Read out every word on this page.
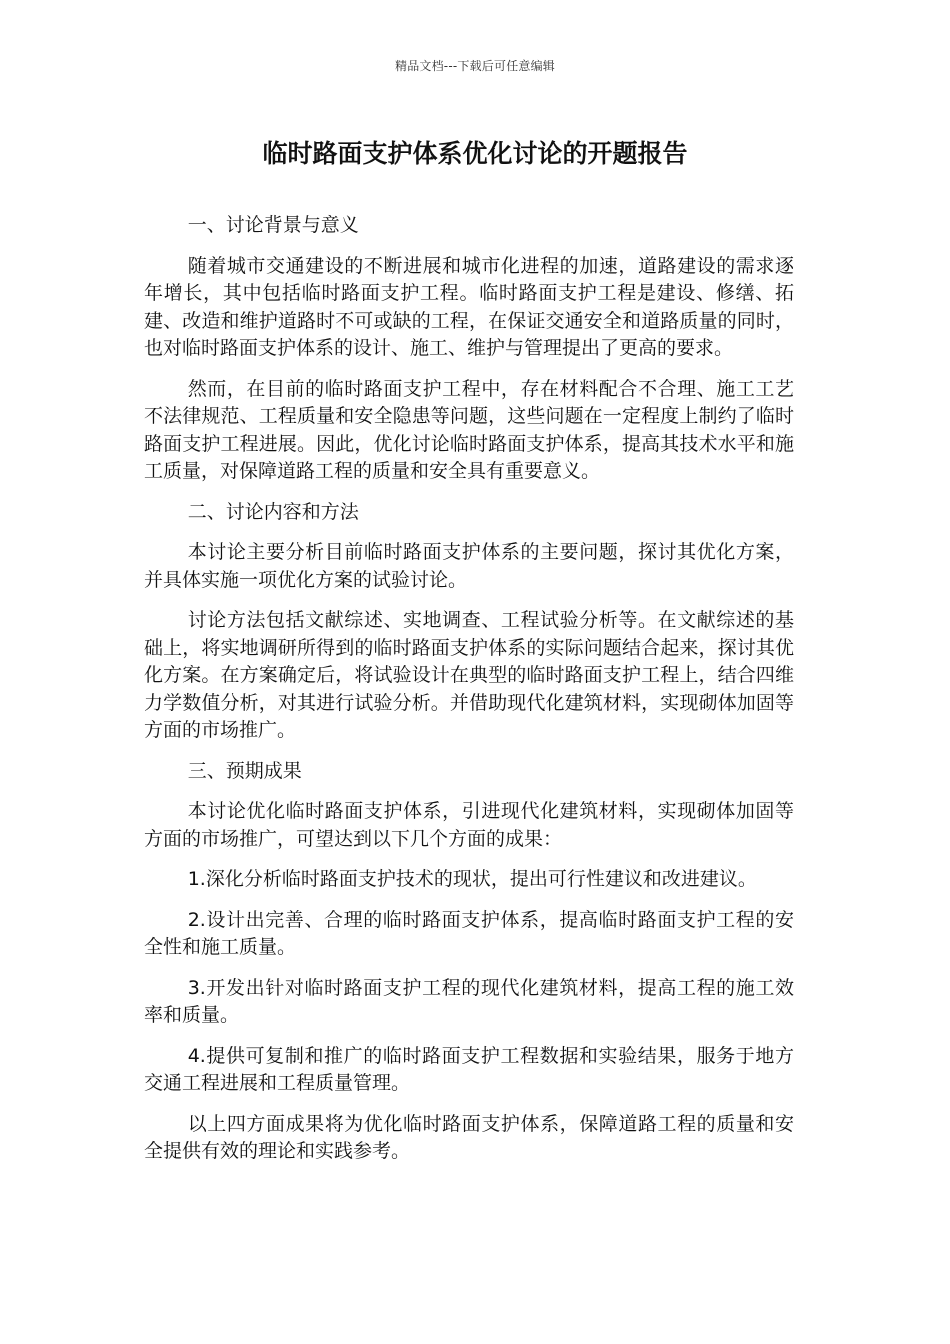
精品文档---下载后可任意编辑
临时路面支护体系优化讨论的开题报告

一、讨论背景与意义

随着城市交通建设的不断进展和城市化进程的加速，道路建设的需求逐年增长，其中包括临时路面支护工程。临时路面支护工程是建设、修缮、拓建、改造和维护道路时不可或缺的工程，在保证交通安全和道路质量的同时，也对临时路面支护体系的设计、施工、维护与管理提出了更高的要求。

然而，在目前的临时路面支护工程中，存在材料配合不合理、施工工艺不法律规范、工程质量和安全隐患等问题，这些问题在一定程度上制约了临时路面支护工程进展。因此，优化讨论临时路面支护体系，提高其技术水平和施工质量，对保障道路工程的质量和安全具有重要意义。

二、讨论内容和方法

本讨论主要分析目前临时路面支护体系的主要问题，探讨其优化方案，并具体实施一项优化方案的试验讨论。

讨论方法包括文献综述、实地调查、工程试验分析等。在文献综述的基础上，将实地调研所得到的临时路面支护体系的实际问题结合起来，探讨其优化方案。在方案确定后，将试验设计在典型的临时路面支护工程上，结合四维力学数值分析，对其进行试验分析。并借助现代化建筑材料，实现砌体加固等方面的市场推广。

三、预期成果

本讨论优化临时路面支护体系，引进现代化建筑材料，实现砌体加固等方面的市场推广，可望达到以下几个方面的成果：

1.深化分析临时路面支护技术的现状，提出可行性建议和改进建议。

2.设计出完善、合理的临时路面支护体系，提高临时路面支护工程的安全性和施工质量。

3.开发出针对临时路面支护工程的现代化建筑材料，提高工程的施工效率和质量。

4.提供可复制和推广的临时路面支护工程数据和实验结果，服务于地方交通工程进展和工程质量管理。

以上四方面成果将为优化临时路面支护体系，保障道路工程的质量和安全提供有效的理论和实践参考。
